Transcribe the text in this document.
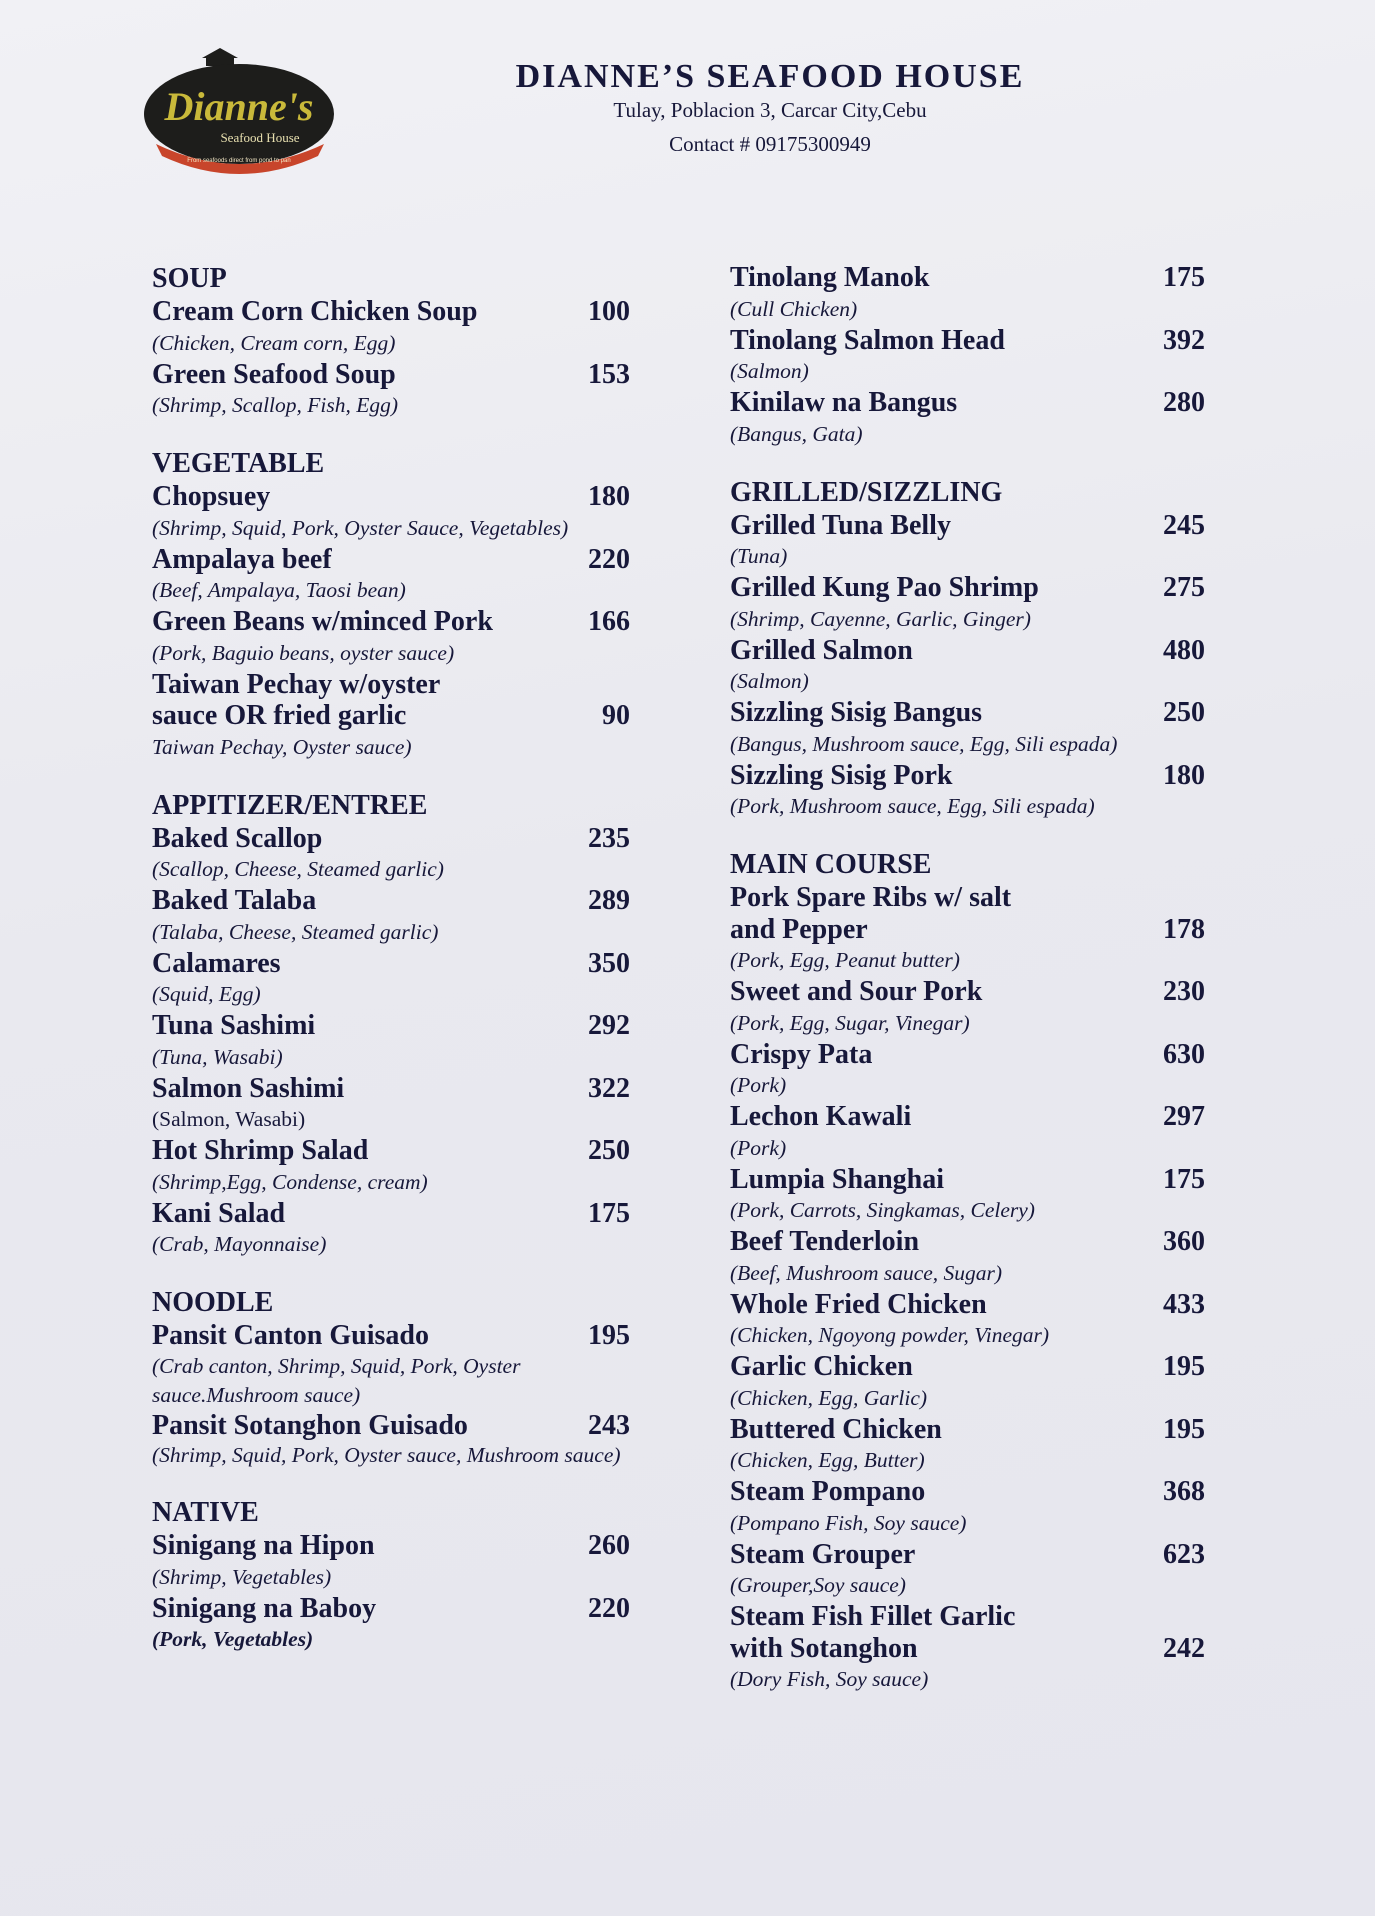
Dianne's
Seafood House
From seafoods direct from pond to pan
DIANNE’S SEAFOOD HOUSE
Tulay, Poblacion 3, Carcar City,Cebu
Contact # 09175300949
SOUP
Cream Corn Chicken Soup	100
(Chicken, Cream corn, Egg)
Green Seafood Soup	153
(Shrimp, Scallop, Fish, Egg)
VEGETABLE
Chopsuey	180
(Shrimp, Squid, Pork, Oyster Sauce, Vegetables)
Ampalaya beef	220
(Beef, Ampalaya, Taosi bean)
Green Beans w/minced Pork	166
(Pork, Baguio beans, oyster sauce)
Taiwan Pechay w/oyster
sauce OR fried garlic	90
Taiwan Pechay, Oyster sauce)
APPITIZER/ENTREE
Baked Scallop	235
(Scallop, Cheese, Steamed garlic)
Baked Talaba	289
(Talaba, Cheese, Steamed garlic)
Calamares	350
(Squid, Egg)
Tuna Sashimi	292
(Tuna, Wasabi)
Salmon Sashimi	322
(Salmon, Wasabi)
Hot Shrimp Salad	250
(Shrimp,Egg, Condense, cream)
Kani Salad	175
(Crab, Mayonnaise)
NOODLE
Pansit Canton Guisado	195
(Crab canton, Shrimp, Squid, Pork, Oyster sauce.Mushroom sauce)
Pansit Sotanghon Guisado	243
(Shrimp, Squid, Pork, Oyster sauce, Mushroom sauce)
NATIVE
Sinigang na Hipon	260
(Shrimp, Vegetables)
Sinigang na Baboy	220
(Pork, Vegetables)
Tinolang Manok	175
(Cull Chicken)
Tinolang Salmon Head	392
(Salmon)
Kinilaw na Bangus	280
(Bangus, Gata)
GRILLED/SIZZLING
Grilled Tuna Belly	245
(Tuna)
Grilled Kung Pao Shrimp	275
(Shrimp, Cayenne, Garlic, Ginger)
Grilled Salmon	480
(Salmon)
Sizzling Sisig Bangus	250
(Bangus, Mushroom sauce, Egg, Sili espada)
Sizzling Sisig Pork	180
(Pork, Mushroom sauce, Egg, Sili espada)
MAIN COURSE
Pork Spare Ribs w/ salt
and Pepper	178
(Pork, Egg, Peanut butter)
Sweet and Sour Pork	230
(Pork, Egg, Sugar, Vinegar)
Crispy Pata	630
(Pork)
Lechon Kawali	297
(Pork)
Lumpia Shanghai	175
(Pork, Carrots, Singkamas, Celery)
Beef Tenderloin	360
(Beef, Mushroom sauce, Sugar)
Whole Fried Chicken	433
(Chicken, Ngoyong powder, Vinegar)
Garlic Chicken	195
(Chicken, Egg, Garlic)
Buttered Chicken	195
(Chicken, Egg, Butter)
Steam Pompano	368
(Pompano Fish, Soy sauce)
Steam Grouper	623
(Grouper,Soy sauce)
Steam Fish Fillet Garlic
with Sotanghon	242
(Dory Fish, Soy sauce)
